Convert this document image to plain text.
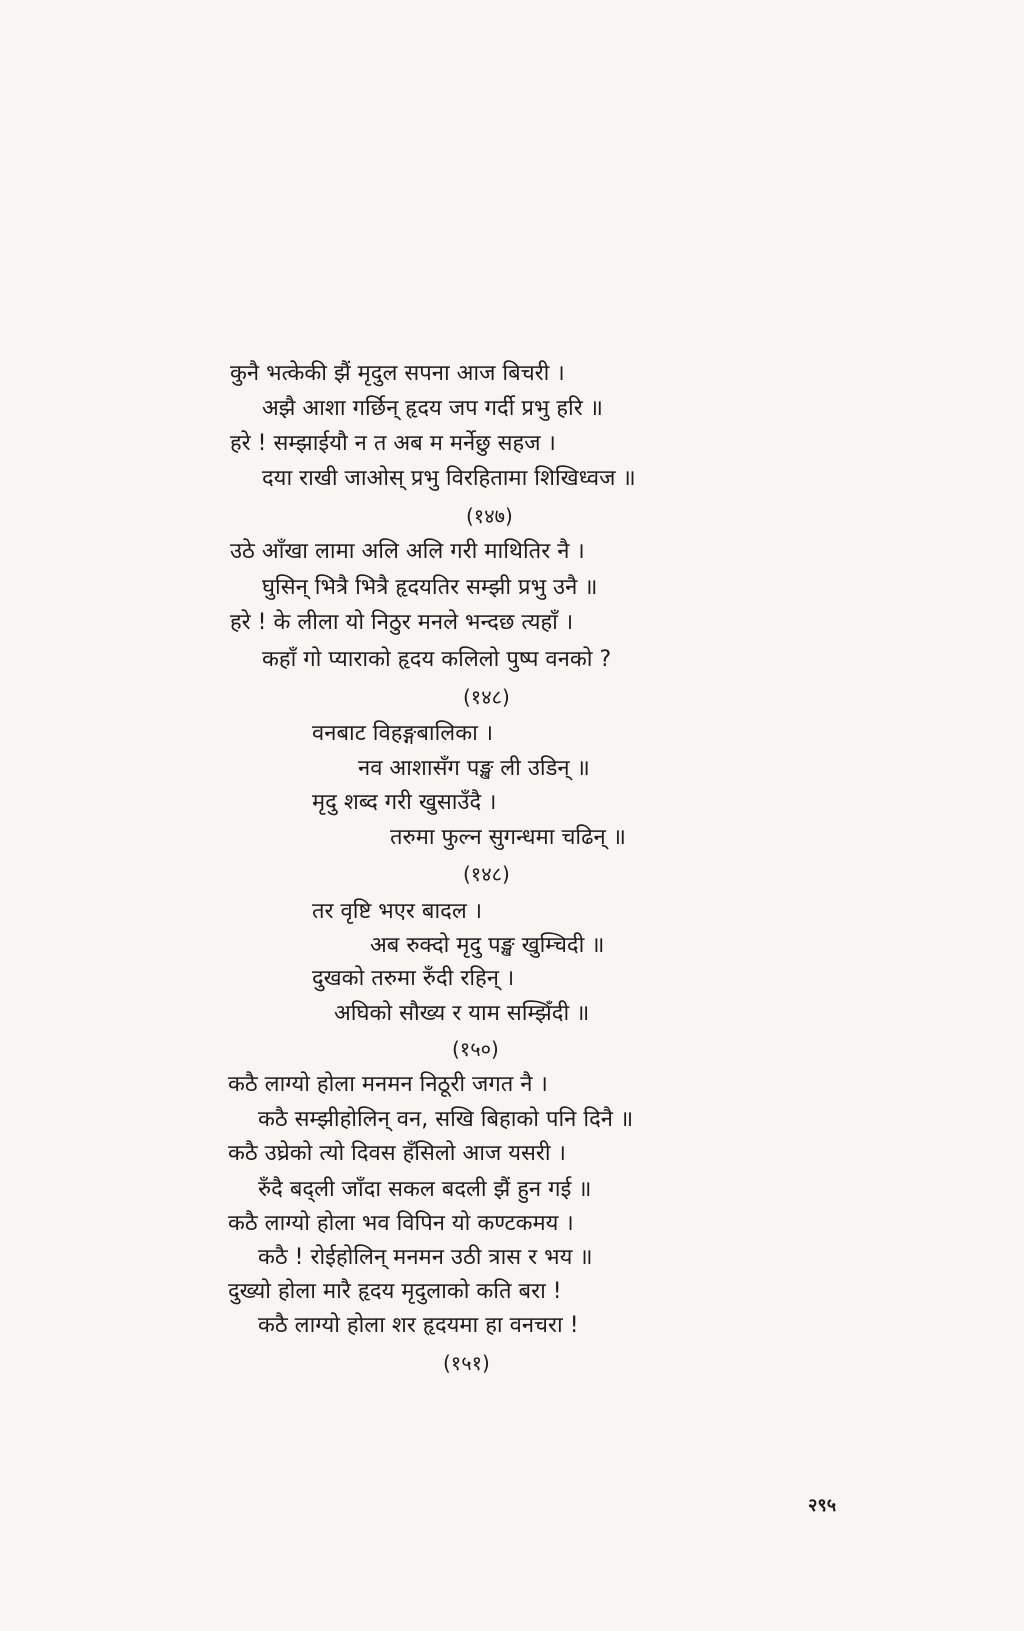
कुनै भत्केकी झैं मृदुल सपना आज बिचरी ।
अझै आशा गर्छिन् हृदय जप गर्दी प्रभु हरि ॥
हरे ! सम्झाईयौ न त अब म मर्नेछु सहज ।
दया राखी जाओस् प्रभु विरहितामा शिखिध्वज ॥
(१४७)
उठे आँखा लामा अलि अलि गरी माथितिर नै ।
घुसिन् भित्रै भित्रै हृदयतिर सम्झी प्रभु उनै ॥
हरे ! के लीला यो निठुर मनले भन्दछ त्यहाँ ।
कहाँ गो प्याराको हृदय कलिलो पुष्प वनको ?
(१४८)
वनबाट विहङ्गबालिका ।
नव आशासँग पङ्ख ली उडिन् ॥
मृदु शब्द गरी खुसाउँदै ।
तरुमा फुल्न सुगन्धमा चढिन् ॥
(१४८)
तर वृष्टि भएर बादल ।
अब रुक्दो मृदु पङ्ख खुम्चिदी ॥
दुखको तरुमा रुँदी रहिन् ।
अघिको सौख्य र याम सम्झिँदी ॥
(१५०)
कठै लाग्यो होला मनमन निठूरी जगत नै ।
कठै सम्झीहोलिन् वन, सखि बिहाको पनि दिनै ॥
कठै उघ्रेको त्यो दिवस हँसिलो आज यसरी ।
रुँदै बद्ली जाँदा सकल बदली झैं हुन गई ॥
कठै लाग्यो होला भव विपिन यो कण्टकमय ।
कठै ! रोईहोलिन् मनमन उठी त्रास र भय ॥
दुख्यो होला मारै हृदय मृदुलाको कति बरा !
कठै लाग्यो होला शर हृदयमा हा वनचरा !
(१५१)
२९५
